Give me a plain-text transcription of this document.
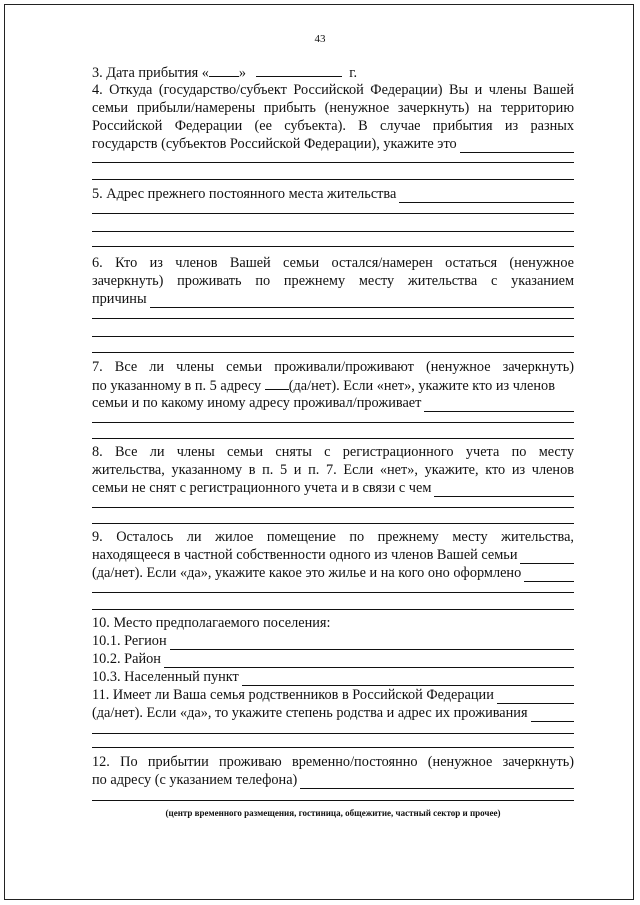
43
3. Дата прибытия « »	г.
4. Откуда (государство/субъект Российской Федерации) Вы и члены Вашей
семьи прибыли/намерены прибыть (ненужное зачеркнуть) на территорию
Российской Федерации (ее субъекта). В случае прибытия из разных
государств (субъектов Российской Федерации), укажите это
5. Адрес прежнего постоянного места жительства
6. Кто из членов Вашей семьи остался/намерен остаться (ненужное
зачеркнуть) проживать по прежнему месту жительства с указанием
причины
7. Все ли члены семьи проживали/проживают (ненужное зачеркнуть)
по указанному в п. 5 адресу (да/нет). Если «нет», укажите кто из членов
семьи и по какому иному адресу проживал/проживает
8. Все ли члены семьи сняты с регистрационного учета по месту
жительства, указанному в п. 5 и п. 7. Если «нет», укажите, кто из членов
семьи не снят с регистрационного учета и в связи с чем
9. Осталось ли жилое помещение по прежнему месту жительства,
находящееся в частной собственности одного из членов Вашей семьи
(да/нет). Если «да», укажите какое это жилье и на кого оно оформлено
10. Место предполагаемого поселения:
10.1. Регион
10.2. Район
10.3. Населенный пункт
11. Имеет ли Ваша семья родственников в Российской Федерации
(да/нет). Если «да», то укажите степень родства и адрес их проживания
12. По прибытии проживаю временно/постоянно (ненужное зачеркнуть)
по адресу (с указанием телефона)
(центр временного размещения, гостиница, общежитие, частный сектор и прочее)
